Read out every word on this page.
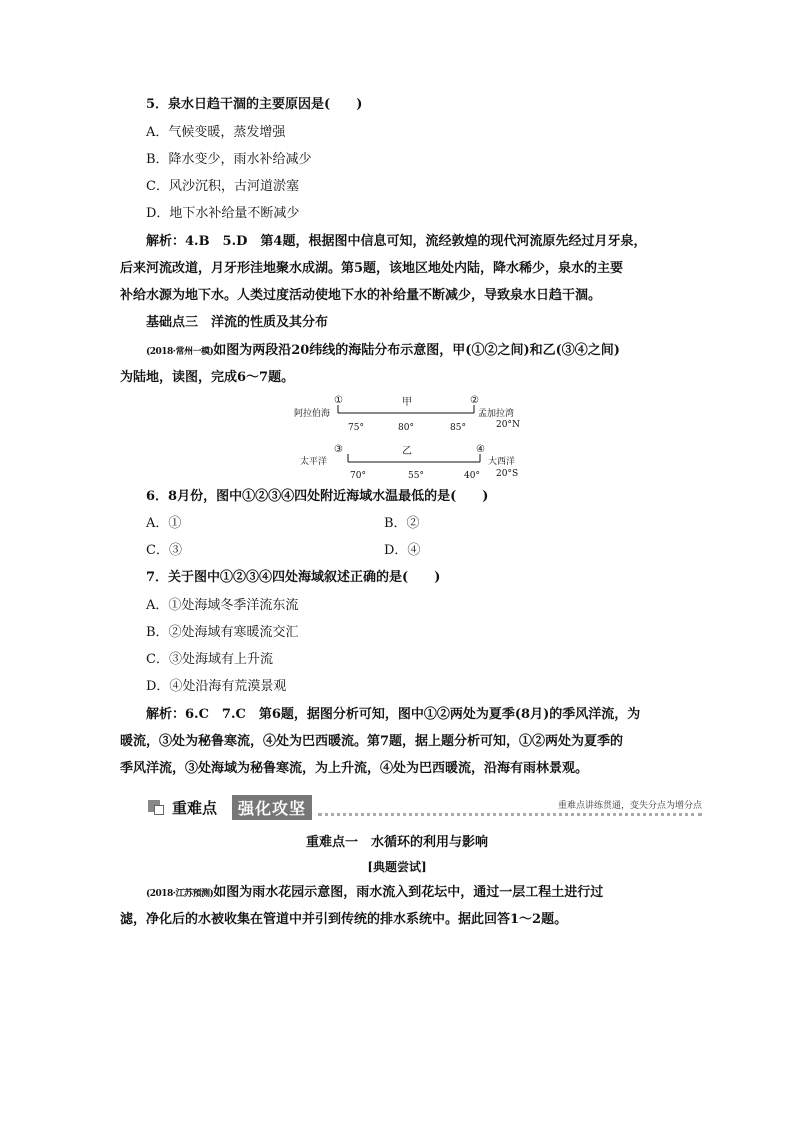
5．泉水日趋干涸的主要原因是(　　)
A．气候变暖，蒸发增强
B．降水变少，雨水补给减少
C．风沙沉积，古河道淤塞
D．地下水补给量不断减少
解析：4.B　5.D　第4题，根据图中信息可知，流经敦煌的现代河流原先经过月牙泉，
后来河流改道，月牙形洼地聚水成湖。第5题，该地区地处内陆，降水稀少，泉水的主要
补给水源为地下水。人类过度活动使地下水的补给量不断减少，导致泉水日趋干涸。
基础点三　洋流的性质及其分布
(2018·常州一模)如图为两段沿20纬线的海陆分布示意图，甲(①②之间)和乙(③④之间)
为陆地，读图，完成6～7题。
①	②
甲
阿拉伯海	孟加拉湾
20°N
75°	80°	85°
③	④
乙
太平洋	大西洋
20°S
70°	55°	40°
6．8月份，图中①②③④四处附近海域水温最低的是(　　)
A．①	B．②
C．③	D．④
7．关于图中①②③④四处海域叙述正确的是(　　)
A．①处海域冬季洋流东流
B．②处海域有寒暖流交汇
C．③处海域有上升流
D．④处沿海有荒漠景观
解析：6.C　7.C　第6题，据图分析可知，图中①②两处为夏季(8月)的季风洋流，为
暖流，③处为秘鲁寒流，④处为巴西暖流。第7题，据上题分析可知，①②两处为夏季的
季风洋流，③处海域为秘鲁寒流，为上升流，④处为巴西暖流，沿海有雨林景观。
重难点	强化攻坚	重难点讲练贯通，变失分点为增分点
重难点一　水循环的利用与影响
[典题尝试]
(2018·江苏預测)如图为雨水花园示意图，雨水流入到花坛中，通过一层工程土进行过
滤，净化后的水被收集在管道中并引到传统的排水系统中。据此回答1～2题。
